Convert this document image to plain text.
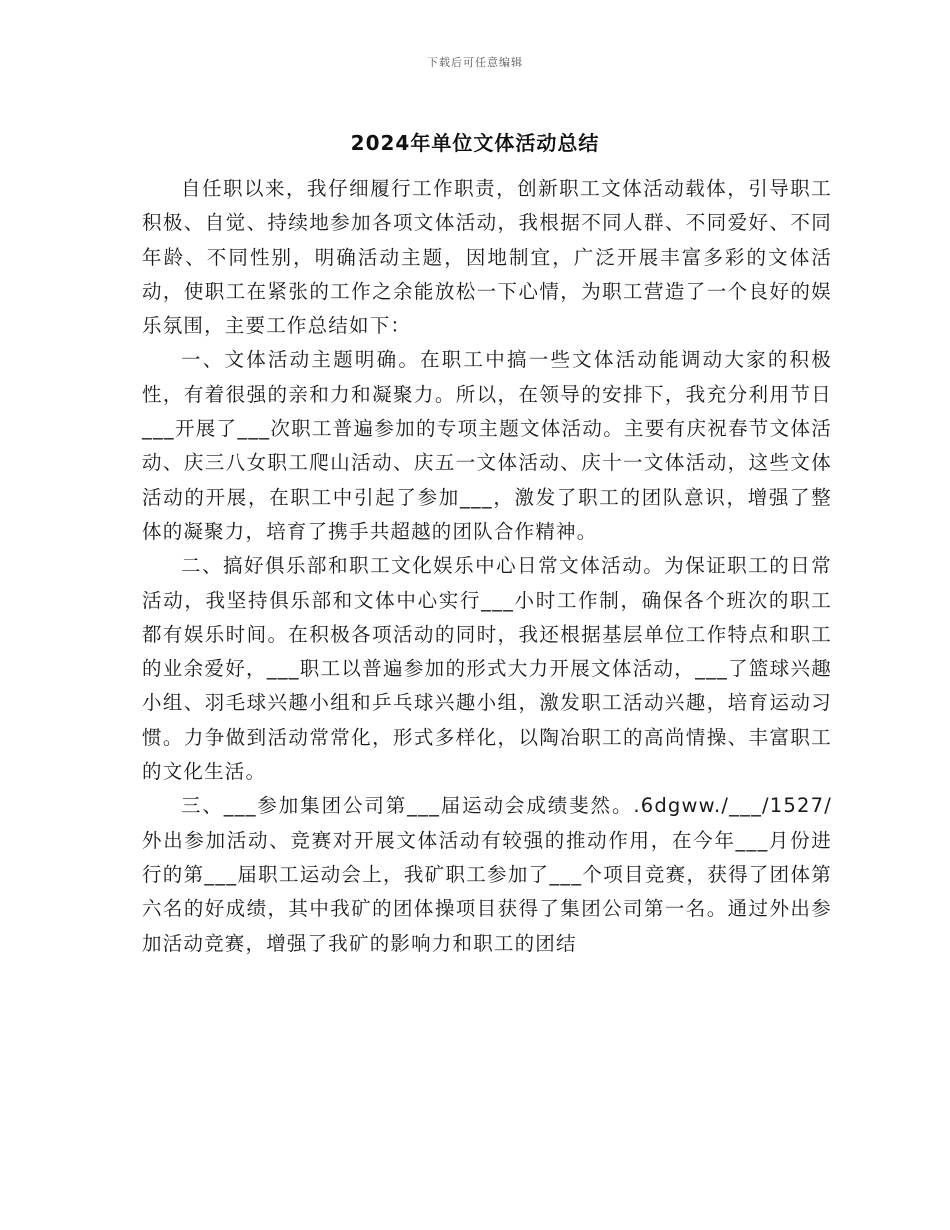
下载后可任意编辑
2024年单位文体活动总结

自任职以来，我仔细履行工作职责，创新职工文体活动载体，引导职工积极、自觉、持续地参加各项文体活动，我根据不同人群、不同爱好、不同年龄、不同性别，明确活动主题，因地制宜，广泛开展丰富多彩的文体活动，使职工在紧张的工作之余能放松一下心情，为职工营造了一个良好的娱乐氛围，主要工作总结如下：

一、文体活动主题明确。在职工中搞一些文体活动能调动大家的积极性，有着很强的亲和力和凝聚力。所以，在领导的安排下，我充分利用节日___开展了___次职工普遍参加的专项主题文体活动。主要有庆祝春节文体活动、庆三八女职工爬山活动、庆五一文体活动、庆十一文体活动，这些文体活动的开展，在职工中引起了参加___，激发了职工的团队意识，增强了整体的凝聚力，培育了携手共超越的团队合作精神。

二、搞好俱乐部和职工文化娱乐中心日常文体活动。为保证职工的日常活动，我坚持俱乐部和文体中心实行___小时工作制，确保各个班次的职工都有娱乐时间。在积极各项活动的同时，我还根据基层单位工作特点和职工的业余爱好，___职工以普遍参加的形式大力开展文体活动，___了篮球兴趣小组、羽毛球兴趣小组和乒乓球兴趣小组，激发职工活动兴趣，培育运动习惯。力争做到活动常常化，形式多样化，以陶冶职工的高尚情操、丰富职工的文化生活。

三、___参加集团公司第___届运动会成绩斐然。.6dgww./___/1527/外出参加活动、竞赛对开展文体活动有较强的推动作用，在今年___月份进行的第___届职工运动会上，我矿职工参加了___个项目竞赛，获得了团体第六名的好成绩，其中我矿的团体操项目获得了集团公司第一名。通过外出参加活动竞赛，增强了我矿的影响力和职工的团结
